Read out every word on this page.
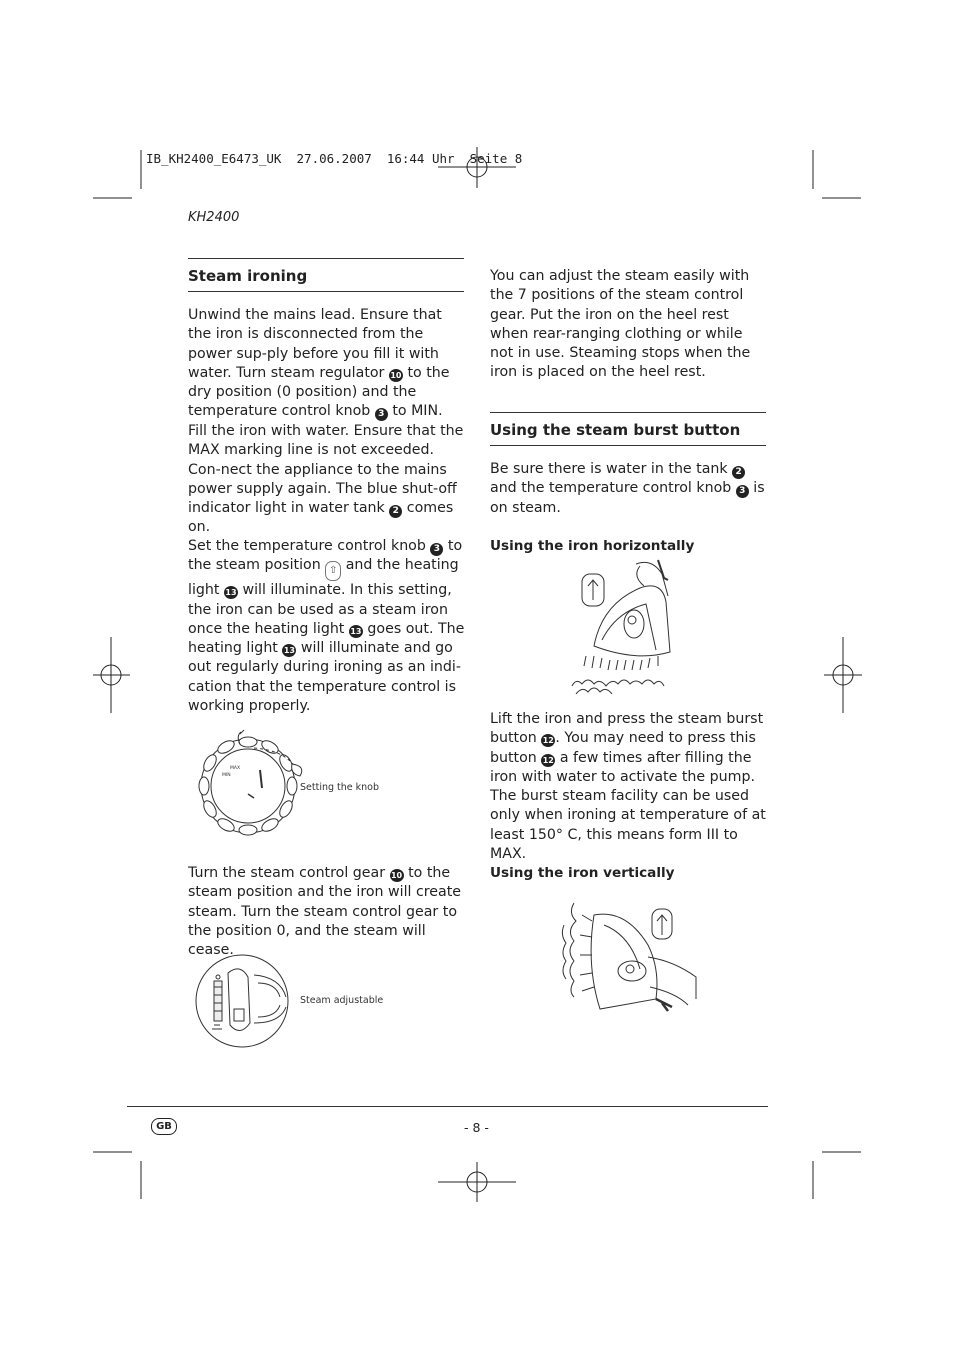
IB_KH2400_E6473_UK  27.06.2007  16:44 Uhr  Seite 8
KH2400
Steam ironing

Unwind the mains lead. Ensure that the iron is disconnected from the power sup-ply before you fill it with water. Turn steam regulator 10 to the dry position (0 position) and the temperature control knob 3 to MIN.

Fill the iron with water. Ensure that the MAX marking line is not exceeded. Con-nect the appliance to the mains power supply again. The blue shut-off indicator light in water tank 2 comes on.

Set the temperature control knob 3 to the steam position ⇧ and the heating light 13 will illuminate. In this setting, the iron can be used as a steam iron once the heating light 13 goes out. The heating light 13 will illuminate and go out regularly during ironing as an indi-cation that the temperature control is working properly.

MAX
MIN
Setting the knob

Turn the steam control gear 10 to the steam position and the iron will create steam. Turn the steam control gear to the position 0, and the steam will cease.

Steam adjustable

You can adjust the steam easily with the 7 positions of the steam control gear. Put the iron on the heel rest when rear-ranging clothing or while not in use. Steaming stops when the iron is placed on the heel rest.

Using the steam burst button

Be sure there is water in the tank 2 and the temperature control knob 3 is on steam.

Using the iron horizontally

Lift the iron and press the steam burst button 12. You may need to press this button 12 a few times after filling the iron with water to activate the pump. The burst steam facility can be used only when ironing at temperature of at least 150° C, this means form III to MAX.

Using the iron vertically
GB	- 8 -
